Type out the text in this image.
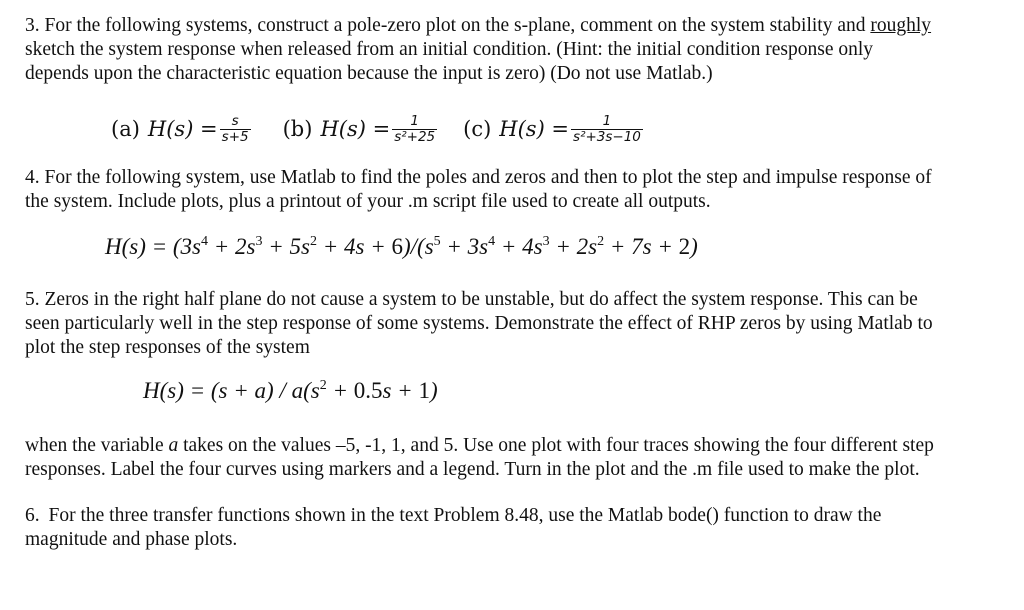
3. For the following systems, construct a pole-zero plot on the s-plane, comment on the system stability and roughly
sketch the system response when released from an initial condition. (Hint: the initial condition response only
depends upon the characteristic equation because the input is zero) (Do not use Matlab.)

(a) $H(s) = \frac{s}{s+5} (b) H(s) = \frac{1}{\text{s²+25}} (c) H(s) = \frac{1}{\text{s²+3s−10}}$

4. For the following system, use Matlab to find the poles and zeros and then to plot the step and impulse response of
the system. Include plots, plus a printout of your .m script file used to create all outputs.

$H(s) = (3s^4 + 2s^3 + 5s^2 + 4s + 6)/(s^5 + 3s^4 + 4s^3 + 2s^2 + 7s + 2)$

5. Zeros in the right half plane do not cause a system to be unstable, but do affect the system response. This can be
seen particularly well in the step response of some systems. Demonstrate the effect of RHP zeros by using Matlab to
plot the step responses of the system

$H(s) = (s + a) / a(s^2 + 0.5s + 1)$

when the variable a takes on the values –5, -1, 1, and 5. Use one plot with four traces showing the four different step
responses. Label the four curves using markers and a legend. Turn in the plot and the .m file used to make the plot.

6. For the three transfer functions shown in the text Problem 8.48, use the Matlab bode() function to draw the
magnitude and phase plots.
